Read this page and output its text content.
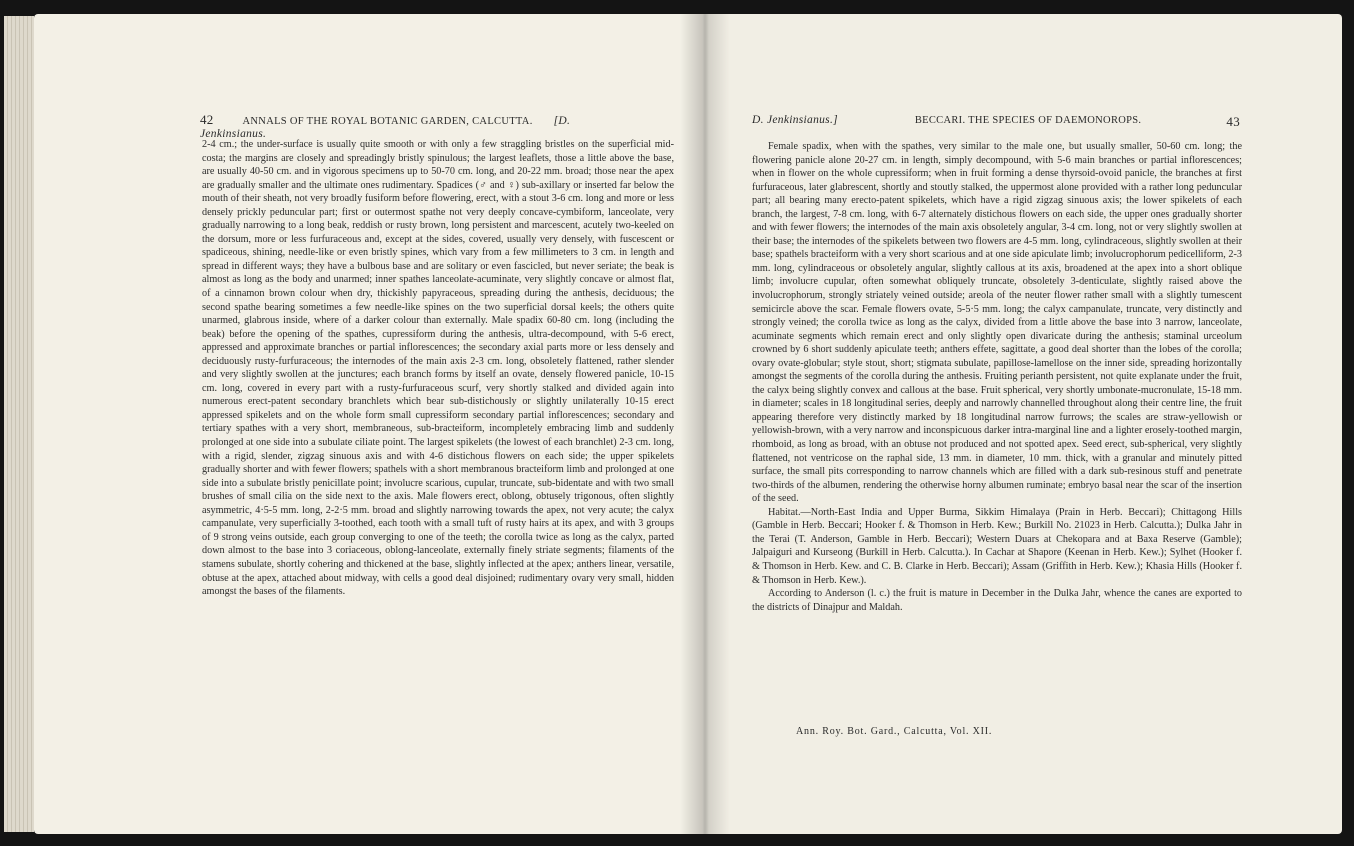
42	ANNALS OF THE ROYAL BOTANIC GARDEN, CALCUTTA. [D. Jenkinsianus.

2-4 cm.; the under-surface is usually quite smooth or with only a few straggling bristles on the superficial mid-costa; the margins are closely and spreadingly bristly spinulous; the largest leaflets, those a little above the base, are usually 40-50 cm. and in vigorous specimens up to 50-70 cm. long, and 20-22 mm. broad; those near the apex are gradually smaller and the ultimate ones rudimentary. Spadices (♂ and ♀) sub-axillary or inserted far below the mouth of their sheath, not very broadly fusiform before flowering, erect, with a stout 3-6 cm. long and more or less densely prickly peduncular part; first or outermost spathe not very deeply concave-cymbiform, lanceolate, very gradually narrowing to a long beak, reddish or rusty brown, long persistent and marcescent, acutely two-keeled on the dorsum, more or less furfuraceous and, except at the sides, covered, usually very densely, with fuscescent or spadiceous, shining, needle-like or even bristly spines, which vary from a few millimeters to 3 cm. in length and spread in different ways; they have a bulbous base and are solitary or even fascicled, but never seriate; the beak is almost as long as the body and unarmed; inner spathes lanceolate-acuminate, very slightly concave or almost flat, of a cinnamon brown colour when dry, thickishly papyraceous, spreading during the anthesis, deciduous; the second spathe bearing sometimes a few needle-like spines on the two superficial dorsal keels; the others quite unarmed, glabrous inside, where of a darker colour than externally. Male spadix 60-80 cm. long (including the beak) before the opening of the spathes, cupressiform during the anthesis, ultra-decompound, with 5-6 erect, appressed and approximate branches or partial inflorescences; the secondary axial parts more or less densely and deciduously rusty-furfuraceous; the internodes of the main axis 2-3 cm. long, obsoletely flattened, rather slender and very slightly swollen at the junctures; each branch forms by itself an ovate, densely flowered panicle, 10-15 cm. long, covered in every part with a rusty-furfuraceous scurf, very shortly stalked and divided again into numerous erect-patent secondary branchlets which bear sub-distichously or slightly unilaterally 10-15 erect appressed spikelets and on the whole form small cupressiform secondary partial inflorescences; secondary and tertiary spathes with a very short, membraneous, sub-bracteiform, incompletely embracing limb and suddenly prolonged at one side into a subulate ciliate point. The largest spikelets (the lowest of each branchlet) 2-3 cm. long, with a rigid, slender, zigzag sinuous axis and with 4-6 distichous flowers on each side; the upper spikelets gradually shorter and with fewer flowers; spathels with a short membranous bracteiform limb and prolonged at one side into a subulate bristly penicillate point; involucre scarious, cupular, truncate, sub-bidentate and with two small brushes of small cilia on the side next to the axis. Male flowers erect, oblong, obtusely trigonous, often slightly asymmetric, 4·5-5 mm. long, 2-2·5 mm. broad and slightly narrowing towards the apex, not very acute; the calyx campanulate, very superficially 3-toothed, each tooth with a small tuft of rusty hairs at its apex, and with 3 groups of 9 strong veins outside, each group converging to one of the teeth; the corolla twice as long as the calyx, parted down almost to the base into 3 coriaceous, oblong-lanceolate, externally finely striate segments; filaments of the stamens subulate, shortly cohering and thickened at the base, slightly inflected at the apex; anthers linear, versatile, obtuse at the apex, attached about midway, with cells a good deal disjoined; rudimentary ovary very small, hidden amongst the bases of the filaments.

D. Jenkinsianus.]	BECCARI. THE SPECIES OF DAEMONOROPS.	43

Female spadix, when with the spathes, very similar to the male one, but usually smaller, 50-60 cm. long; the flowering panicle alone 20-27 cm. in length, simply decompound, with 5-6 main branches or partial inflorescences; when in flower on the whole cupressiform; when in fruit forming a dense thyrsoid-ovoid panicle, the branches at first furfuraceous, later glabrescent, shortly and stoutly stalked, the uppermost alone provided with a rather long peduncular part; all bearing many erecto-patent spikelets, which have a rigid zigzag sinuous axis; the lower spikelets of each branch, the largest, 7-8 cm. long, with 6-7 alternately distichous flowers on each side, the upper ones gradually shorter and with fewer flowers; the internodes of the main axis obsoletely angular, 3-4 cm. long, not or very slightly swollen at their base; the internodes of the spikelets between two flowers are 4-5 mm. long, cylindraceous, slightly swollen at their base; spathels bracteiform with a very short scarious and at one side apiculate limb; involucrophorum pedicelliform, 2-3 mm. long, cylindraceous or obsoletely angular, slightly callous at its axis, broadened at the apex into a short oblique limb; involucre cupular, often somewhat obliquely truncate, obsoletely 3-denticulate, slightly raised above the involucrophorum, strongly striately veined outside; areola of the neuter flower rather small with a slightly tumescent semicircle above the scar. Female flowers ovate, 5-5·5 mm. long; the calyx campanulate, truncate, very distinctly and strongly veined; the corolla twice as long as the calyx, divided from a little above the base into 3 narrow, lanceolate, acuminate segments which remain erect and only slightly open divaricate during the anthesis; staminal urceolum crowned by 6 short suddenly apiculate teeth; anthers effete, sagittate, a good deal shorter than the lobes of the corolla; ovary ovate-globular; style stout, short; stigmata subulate, papillose-lamellose on the inner side, spreading horizontally amongst the segments of the corolla during the anthesis. Fruiting perianth persistent, not quite explanate under the fruit, the calyx being slightly convex and callous at the base. Fruit spherical, very shortly umbonate-mucronulate, 15-18 mm. in diameter; scales in 18 longitudinal series, deeply and narrowly channelled throughout along their centre line, the fruit appearing therefore very distinctly marked by 18 longitudinal narrow furrows; the scales are straw-yellowish or yellowish-brown, with a very narrow and inconspicuous darker intra-marginal line and a lighter erosely-toothed margin, rhomboid, as long as broad, with an obtuse not produced and not spotted apex. Seed erect, sub-spherical, very slightly flattened, not ventricose on the raphal side, 13 mm. in diameter, 10 mm. thick, with a granular and minutely pitted surface, the small pits corresponding to narrow channels which are filled with a dark sub-resinous stuff and penetrate two-thirds of the albumen, rendering the otherwise horny albumen ruminate; embryo basal near the scar of the insertion of the seed.

Habitat.—North-East India and Upper Burma, Sikkim Himalaya (Prain in Herb. Beccari); Chittagong Hills (Gamble in Herb. Beccari; Hooker f. & Thomson in Herb. Kew.; Burkill No. 21023 in Herb. Calcutta.); Dulka Jahr in the Terai (T. Anderson, Gamble in Herb. Beccari); Western Duars at Chekopara and at Baxa Reserve (Gamble); Jalpaiguri and Kurseong (Burkill in Herb. Calcutta.). In Cachar at Shapore (Keenan in Herb. Kew.); Sylhet (Hooker f. & Thomson in Herb. Kew. and C. B. Clarke in Herb. Beccari); Assam (Griffith in Herb. Kew.); Khasia Hills (Hooker f. & Thomson in Herb. Kew.).

According to Anderson (l. c.) the fruit is mature in December in the Dulka Jahr, whence the canes are exported to the districts of Dinajpur and Maldah.

Ann. Roy. Bot. Gard., Calcutta, Vol. XII.
